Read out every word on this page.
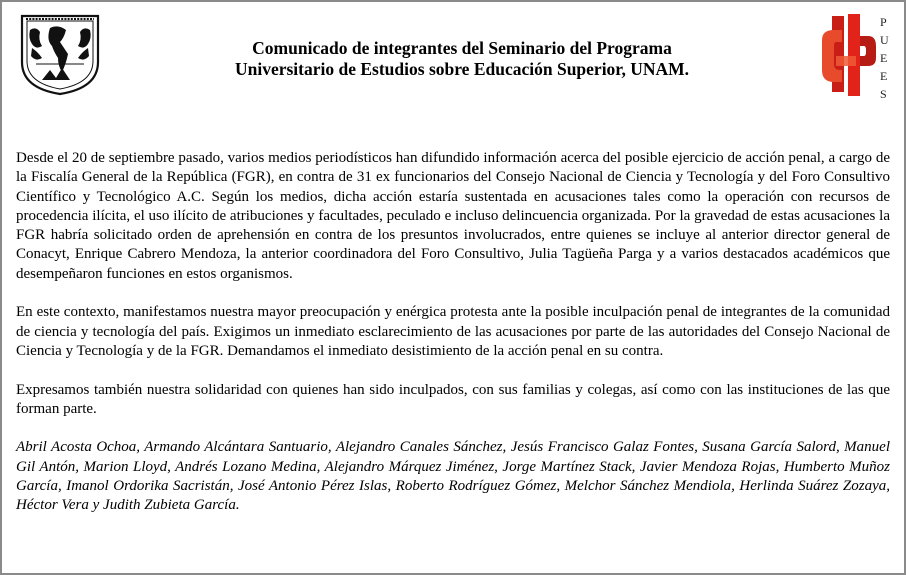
P
U
E
E
S
Comunicado de integrantes del Seminario del Programa
Universitario de Estudios sobre Educación Superior, UNAM.

Desde el 20 de septiembre pasado, varios medios periodísticos han difundido información acerca del posible ejercicio de acción penal, a cargo de la Fiscalía General de la República (FGR), en contra de 31 ex funcionarios del Consejo Nacional de Ciencia y Tecnología y del Foro Consultivo Científico y Tecnológico A.C. Según los medios, dicha acción estaría sustentada en acusaciones tales como la operación con recursos de procedencia ilícita, el uso ilícito de atribuciones y facultades, peculado e incluso delincuencia organizada. Por la gravedad de estas acusaciones la FGR habría solicitado orden de aprehensión en contra de los presuntos involucrados, entre quienes se incluye al anterior director general de Conacyt, Enrique Cabrero Mendoza, la anterior coordinadora del Foro Consultivo, Julia Tagüeña Parga y a varios destacados académicos que desempeñaron funciones en estos organismos.

En este contexto, manifestamos nuestra mayor preocupación y enérgica protesta ante la posible inculpación penal de integrantes de la comunidad de ciencia y tecnología del país. Exigimos un inmediato esclarecimiento de las acusaciones por parte de las autoridades del Consejo Nacional de Ciencia y Tecnología y de la FGR. Demandamos el inmediato desistimiento de la acción penal en su contra.

Expresamos también nuestra solidaridad con quienes han sido inculpados, con sus familias y colegas, así como con las instituciones de las que forman parte.

Abril Acosta Ochoa, Armando Alcántara Santuario, Alejandro Canales Sánchez, Jesús Francisco Galaz Fontes, Susana García Salord, Manuel Gil Antón, Marion Lloyd, Andrés Lozano Medina, Alejandro Márquez Jiménez, Jorge Martínez Stack, Javier Mendoza Rojas, Humberto Muñoz García, Imanol Ordorika Sacristán, José Antonio Pérez Islas, Roberto Rodríguez Gómez, Melchor Sánchez Mendiola, Herlinda Suárez Zozaya, Héctor Vera y Judith Zubieta García.
